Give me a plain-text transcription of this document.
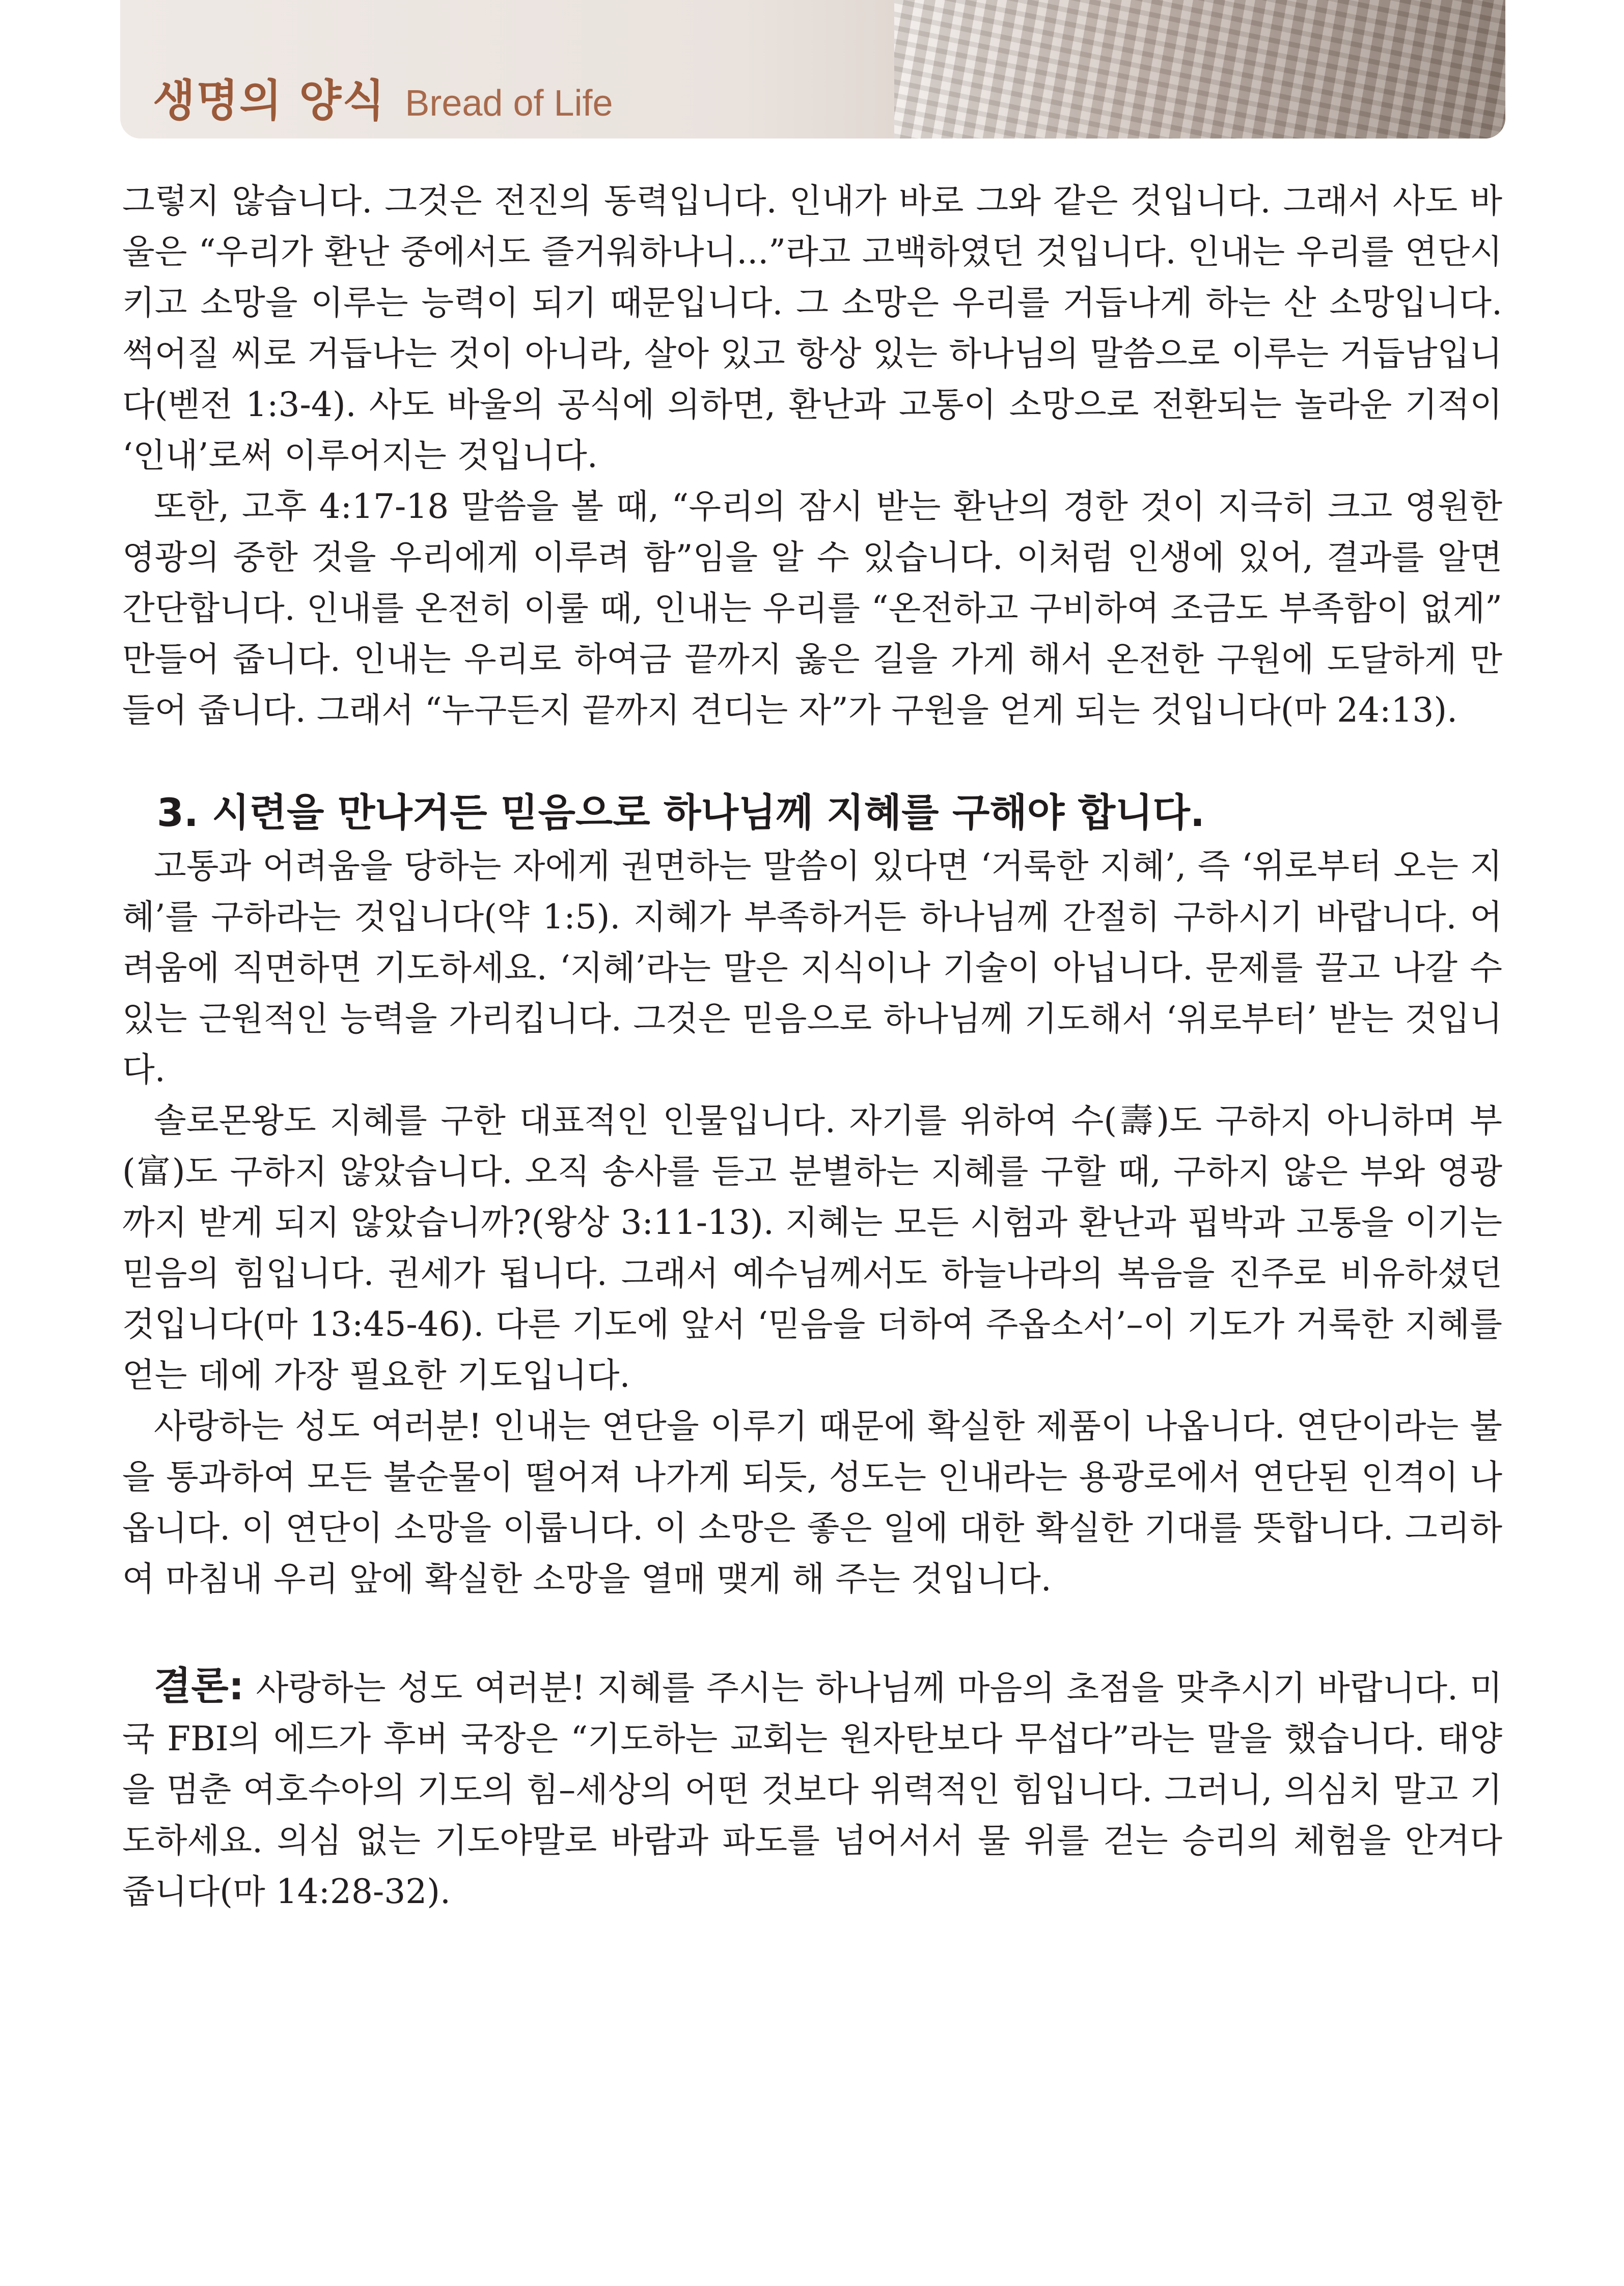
생명의 양식 Bread of Life

그렇지 않습니다. 그것은 전진의 동력입니다. 인내가 바로 그와 같은 것입니다. 그래서 사도 바울은 “우리가 환난 중에서도 즐거워하나니...”라고 고백하였던 것입니다. 인내는 우리를 연단시키고 소망을 이루는 능력이 되기 때문입니다. 그 소망은 우리를 거듭나게 하는 산 소망입니다. 썩어질 씨로 거듭나는 것이 아니라, 살아 있고 항상 있는 하나님의 말씀으로 이루는 거듭남입니다(벧전 1:3-4). 사도 바울의 공식에 의하면, 환난과 고통이 소망으로 전환되는 놀라운 기적이 ‘인내’로써 이루어지는 것입니다.

또한, 고후 4:17-18 말씀을 볼 때, “우리의 잠시 받는 환난의 경한 것이 지극히 크고 영원한 영광의 중한 것을 우리에게 이루려 함”임을 알 수 있습니다. 이처럼 인생에 있어, 결과를 알면 간단합니다. 인내를 온전히 이룰 때, 인내는 우리를 “온전하고 구비하여 조금도 부족함이 없게” 만들어 줍니다. 인내는 우리로 하여금 끝까지 옳은 길을 가게 해서 온전한 구원에 도달하게 만들어 줍니다. 그래서 “누구든지 끝까지 견디는 자”가 구원을 얻게 되는 것입니다(마 24:13).

3. 시련을 만나거든 믿음으로 하나님께 지혜를 구해야 합니다.

고통과 어려움을 당하는 자에게 권면하는 말씀이 있다면 ‘거룩한 지혜’, 즉 ‘위로부터 오는 지혜’를 구하라는 것입니다(약 1:5). 지혜가 부족하거든 하나님께 간절히 구하시기 바랍니다. 어려움에 직면하면 기도하세요. ‘지혜’라는 말은 지식이나 기술이 아닙니다. 문제를 끌고 나갈 수 있는 근원적인 능력을 가리킵니다. 그것은 믿음으로 하나님께 기도해서 ‘위로부터’ 받는 것입니다.

솔로몬왕도 지혜를 구한 대표적인 인물입니다. 자기를 위하여 수(壽)도 구하지 아니하며 부(富)도 구하지 않았습니다. 오직 송사를 듣고 분별하는 지혜를 구할 때, 구하지 않은 부와 영광까지 받게 되지 않았습니까?(왕상 3:11-13). 지혜는 모든 시험과 환난과 핍박과 고통을 이기는 믿음의 힘입니다. 권세가 됩니다. 그래서 예수님께서도 하늘나라의 복음을 진주로 비유하셨던 것입니다(마 13:45-46). 다른 기도에 앞서 ‘믿음을 더하여 주옵소서’–이 기도가 거룩한 지혜를 얻는 데에 가장 필요한 기도입니다.

사랑하는 성도 여러분! 인내는 연단을 이루기 때문에 확실한 제품이 나옵니다. 연단이라는 불을 통과하여 모든 불순물이 떨어져 나가게 되듯, 성도는 인내라는 용광로에서 연단된 인격이 나옵니다. 이 연단이 소망을 이룹니다. 이 소망은 좋은 일에 대한 확실한 기대를 뜻합니다. 그리하여 마침내 우리 앞에 확실한 소망을 열매 맺게 해 주는 것입니다.

결론: 사랑하는 성도 여러분! 지혜를 주시는 하나님께 마음의 초점을 맞추시기 바랍니다. 미국 FBI의 에드가 후버 국장은 “기도하는 교회는 원자탄보다 무섭다”라는 말을 했습니다. 태양을 멈춘 여호수아의 기도의 힘–세상의 어떤 것보다 위력적인 힘입니다. 그러니, 의심치 말고 기도하세요. 의심 없는 기도야말로 바람과 파도를 넘어서서 물 위를 걷는 승리의 체험을 안겨다 줍니다(마 14:28-32).
